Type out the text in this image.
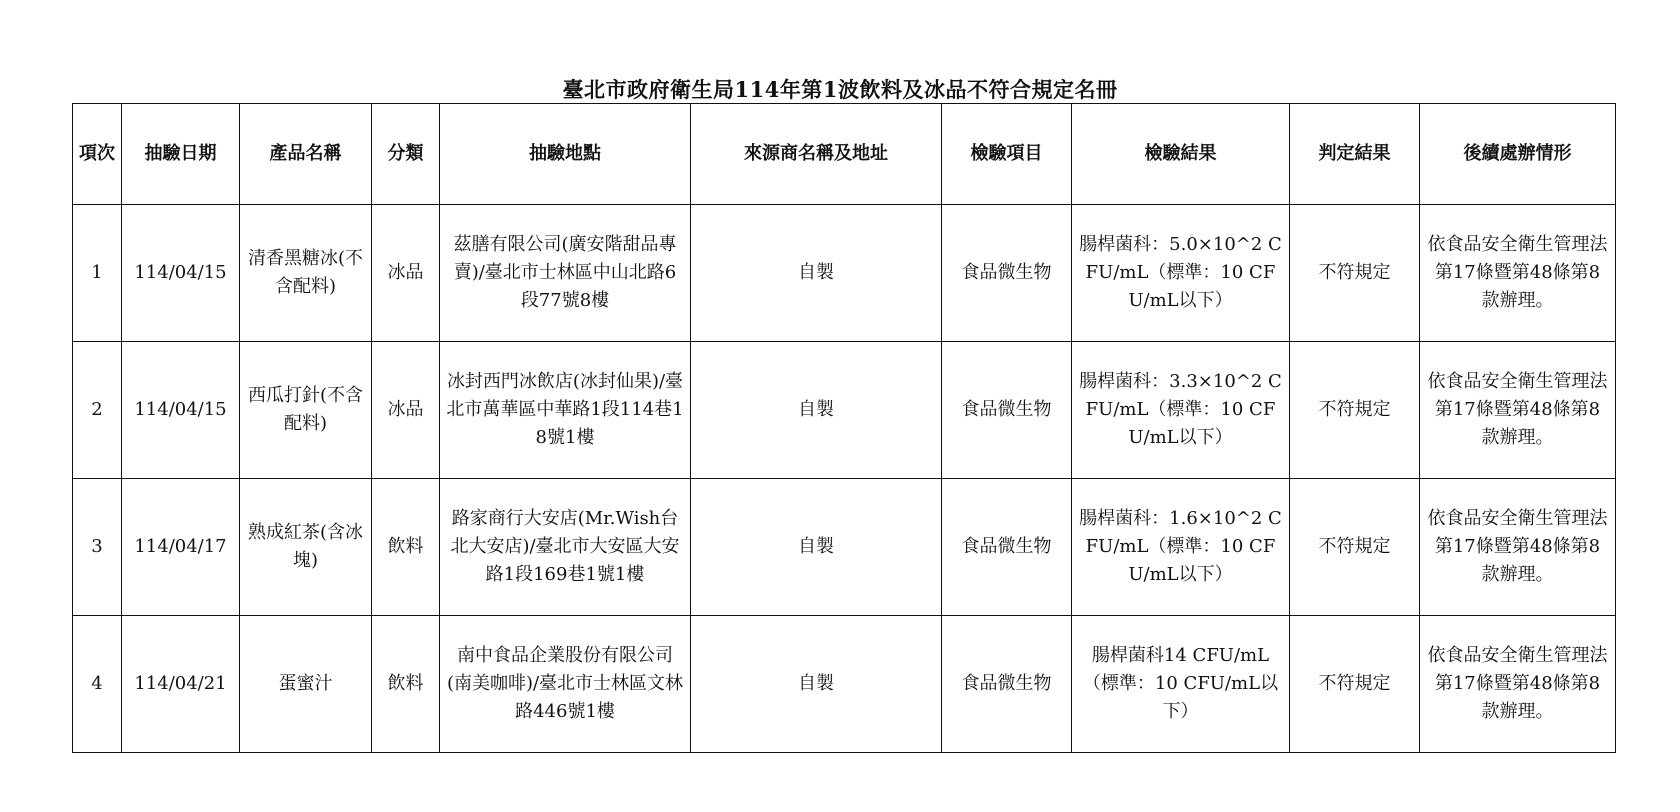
臺北市政府衛生局114年第1波飲料及冰品不符合規定名冊
項次	抽驗日期	產品名稱	分類	抽驗地點	來源商名稱及地址	檢驗項目	檢驗結果	判定結果	後續處辦情形
1	114/04/15	清香黑糖冰(不含配料)	冰品	茲膳有限公司(廣安階甜品專賣)/臺北市士林區中山北路6段77號8樓	自製	食品微生物	腸桿菌科：5.0×10^2 CFU/mL（標準：10 CFU/mL以下）	不符規定	依食品安全衛生管理法第17條暨第48條第8款辦理。
2	114/04/15	西瓜打針(不含配料)	冰品	冰封西門冰飲店(冰封仙果)/臺北市萬華區中華路1段114巷18號1樓	自製	食品微生物	腸桿菌科：3.3×10^2 CFU/mL（標準：10 CFU/mL以下）	不符規定	依食品安全衛生管理法第17條暨第48條第8款辦理。
3	114/04/17	熟成紅茶(含冰塊)	飲料	路家商行大安店(Mr.Wish台北大安店)/臺北市大安區大安路1段169巷1號1樓	自製	食品微生物	腸桿菌科：1.6×10^2 CFU/mL（標準：10 CFU/mL以下）	不符規定	依食品安全衛生管理法第17條暨第48條第8款辦理。
4	114/04/21	蛋蜜汁	飲料	南中食品企業股份有限公司(南美咖啡)/臺北市士林區文林路446號1樓	自製	食品微生物	腸桿菌科14 CFU/mL（標準：10 CFU/mL以下）	不符規定	依食品安全衛生管理法第17條暨第48條第8款辦理。
